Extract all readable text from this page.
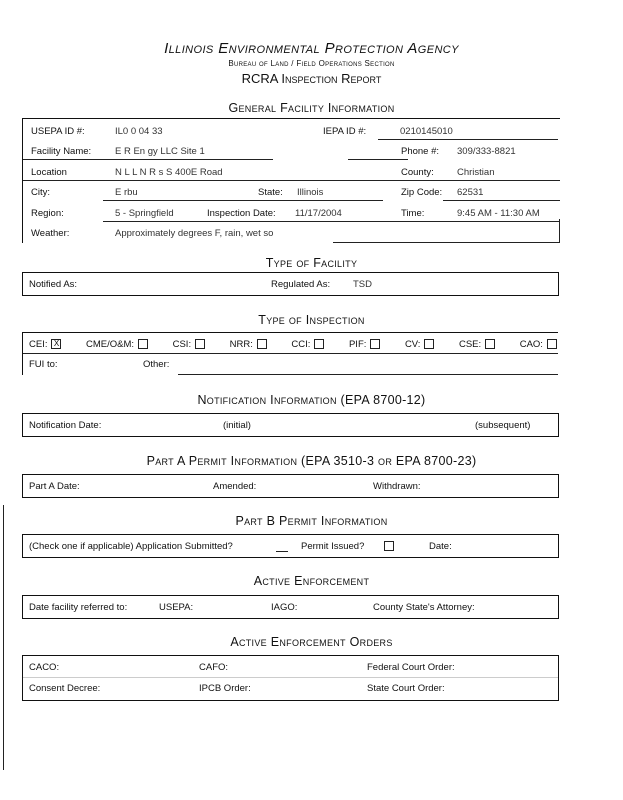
Illinois Environmental Protection Agency
Bureau of Land / Field Operations Section
RCRA Inspection Report
General Facility Information
USEPA ID #:	IL0 0 04 33	IEPA ID #:	0210145010
Facility Name:	E R En gy LLC Site 1	Phone #: 309/333-8821
Location	N L L N R s S 400E Road	County: Christian
City:	E rbu	State: Illinois	Zip Code: 62531
Region:	5 - Springfield	Inspection Date: 11/17/2004	Time:	9:45 AM - 11:30 AM
Weather:	Approximately degrees F, rain, wet so
Type of Facility
Notified As:	Regulated As: TSD
Type of Inspection
CEI: X	CME/O&M:	CSI:	NRR:	CCI:	PIF:	CV:	CSE:	CAO:
FUI to:	Other:
Notification Information (EPA 8700-12)
Notification Date:	(initial)	(subsequent)
Part A Permit Information (EPA 3510-3 or EPA 8700-23)
Part A Date:	Amended:	Withdrawn:
Part B Permit Information
(Check one if applicable) Application Submitted?	Permit Issued?	Date:
Active Enforcement
Date facility referred to:	USEPA:	IAGO:	County State's Attorney:
Active Enforcement Orders
CACO:	CAFO:	Federal Court Order:
Consent Decree:	IPCB Order:	State Court Order:
